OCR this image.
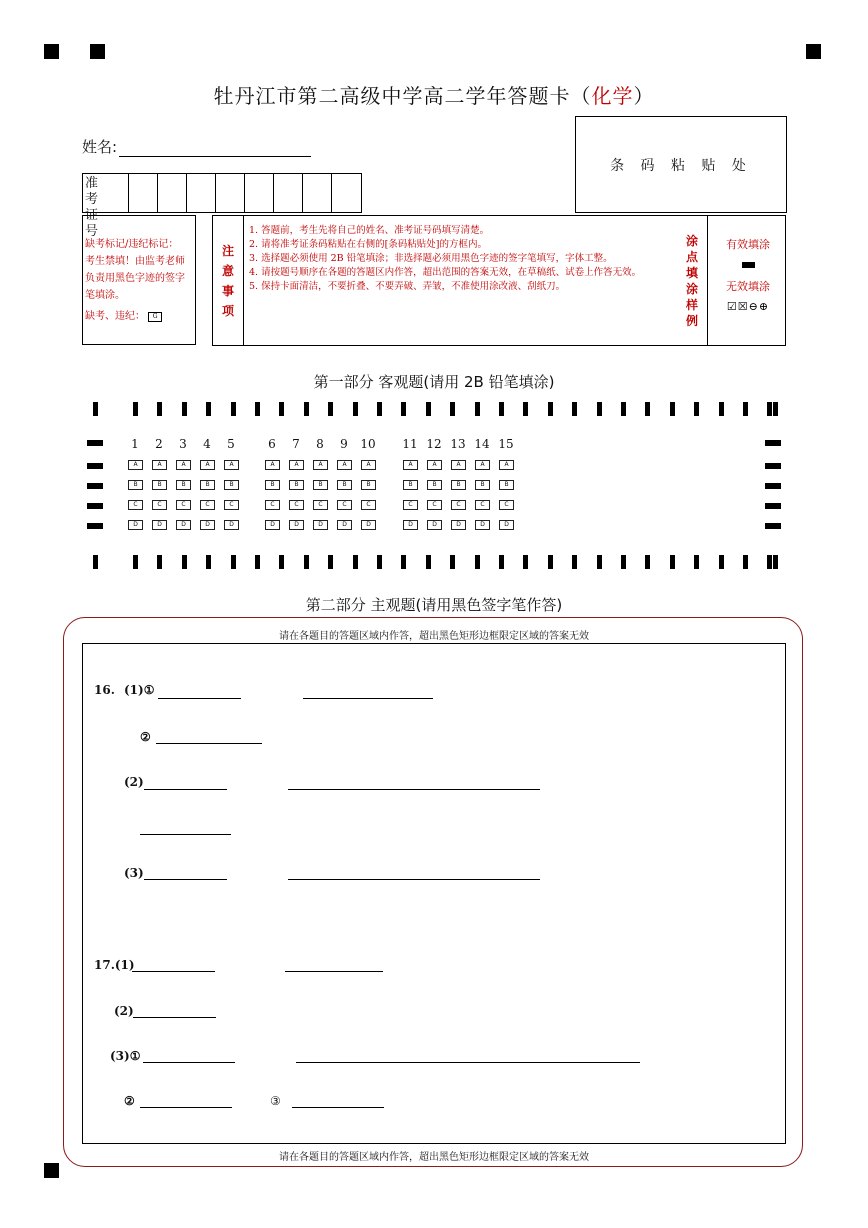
牡丹江市第二高级中学高二学年答题卡（化学）
姓名:
条 码 粘 贴 处
准 考
证 号
缺考标记/违纪标记：
考生禁填！由监考老师负责用黑色字迹的签字笔填涂。
缺考、违纪： G
注
意
事
项
1. 答题前，考生先将自己的姓名、准考证号码填写清楚。
2. 请将准考证条码粘贴在右侧的[条码粘贴处]的方框内。
3. 选择题必须使用 2B 铅笔填涂；非选择题必须用黑色字迹的签字笔填写，字体工整。
4. 请按题号顺序在各题的答题区内作答，超出范围的答案无效，在草稿纸、试卷上作答无效。
5. 保持卡面清洁，不要折叠、不要弄破、弄皱，不准使用涂改液、刮纸刀。
涂
点
填
涂
样
例
有效填涂
无效填涂
☑☒⊖⊕
第一部分 客观题(请用 2B 铅笔填涂)
1
A
B
C
D
2
A
B
C
D
3
A
B
C
D
4
A
B
C
D
5
A
B
C
D
6
A
B
C
D
7
A
B
C
D
8
A
B
C
D
9
A
B
C
D
10
A
B
C
D
11
A
B
C
D
12
A
B
C
D
13
A
B
C
D
14
A
B
C
D
15
A
B
C
D
第二部分 主观题(请用黑色签字笔作答)
请在各题目的答题区域内作答，超出黑色矩形边框限定区域的答案无效
请在各题目的答题区域内作答，超出黑色矩形边框限定区域的答案无效
16. (1)①
②
(2)
(3)
17.(1)
(2)
(3)①
②	③
